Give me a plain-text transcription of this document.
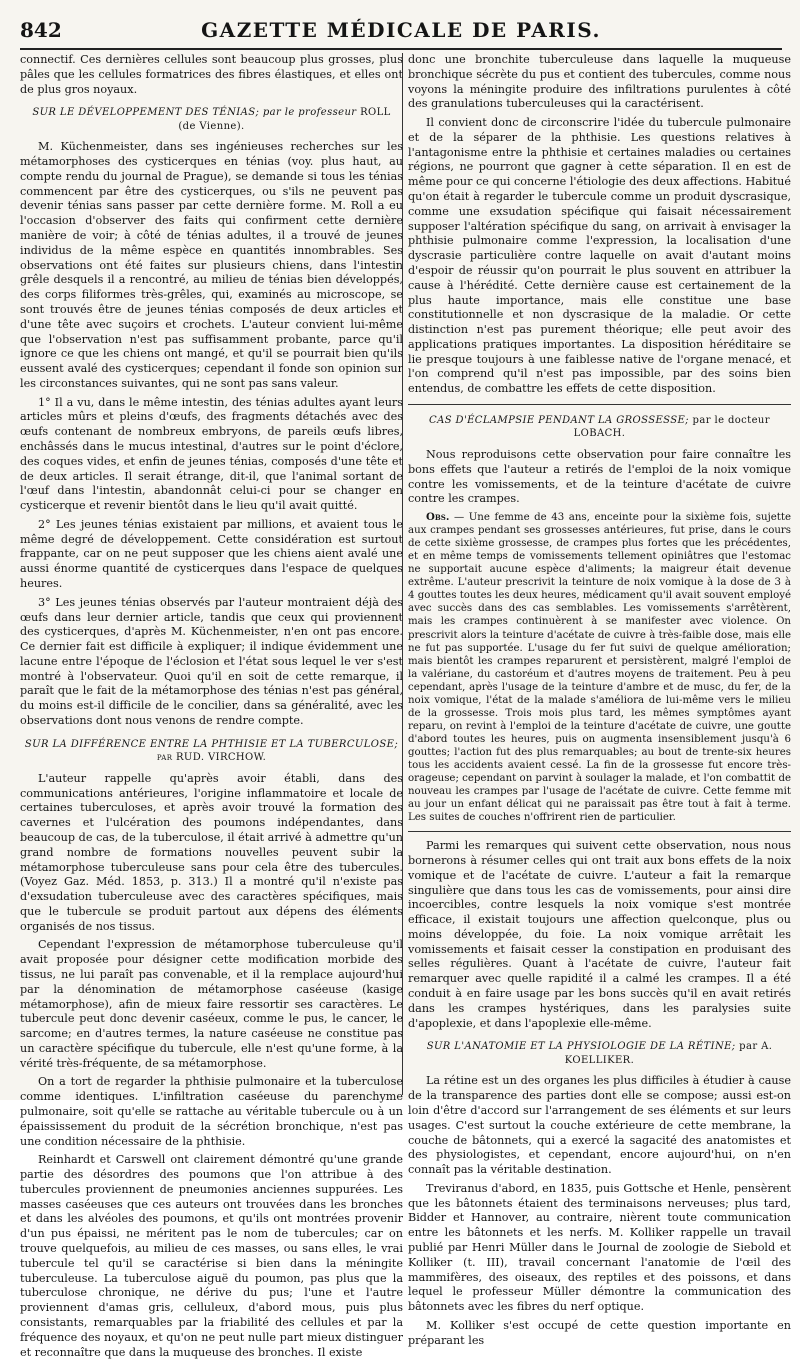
842	GAZETTE MÉDICALE DE PARIS.

connectif. Ces dernières cellules sont beaucoup plus grosses, plus pâles que les cellules formatrices des fibres élastiques, et elles ont de plus gros noyaux.

SUR LE DÉVELOPPEMENT DES TÉNIAS; par le professeur ROLL
(de Vienne).

M. Küchenmeister, dans ses ingénieuses recherches sur les métamorphoses des cysticerques en ténias (voy. plus haut, au compte rendu du journal de Prague), se demande si tous les ténias commencent par être des cysticerques, ou s'ils ne peuvent pas devenir ténias sans passer par cette dernière forme. M. Roll a eu l'occasion d'observer des faits qui confirment cette dernière manière de voir; à côté de ténias adultes, il a trouvé de jeunes individus de la même espèce en quantités innombrables. Ses observations ont été faites sur plusieurs chiens, dans l'intestin grêle desquels il a rencontré, au milieu de ténias bien développés, des corps filiformes très-grêles, qui, examinés au microscope, se sont trouvés être de jeunes ténias composés de deux articles et d'une tête avec suçoirs et crochets. L'auteur convient lui-même que l'observation n'est pas suffisamment probante, parce qu'il ignore ce que les chiens ont mangé, et qu'il se pourrait bien qu'ils eussent avalé des cysticerques; cependant il fonde son opinion sur les circonstances suivantes, qui ne sont pas sans valeur.

1° Il a vu, dans le même intestin, des ténias adultes ayant leurs articles mûrs et pleins d'œufs, des fragments détachés avec des œufs contenant de nombreux embryons, de pareils œufs libres, enchâssés dans le mucus intestinal, d'autres sur le point d'éclore, des coques vides, et enfin de jeunes ténias, composés d'une tête et de deux articles. Il serait étrange, dit-il, que l'animal sortant de l'œuf dans l'intestin, abandonnât celui-ci pour se changer en cysticerque et revenir bientôt dans le lieu qu'il avait quitté.

2° Les jeunes ténias existaient par millions, et avaient tous le même degré de développement. Cette considération est surtout frappante, car on ne peut supposer que les chiens aient avalé une aussi énorme quantité de cysticerques dans l'espace de quelques heures.

3° Les jeunes ténias observés par l'auteur montraient déjà des œufs dans leur dernier article, tandis que ceux qui proviennent des cysticerques, d'après M. Küchenmeister, n'en ont pas encore. Ce dernier fait est difficile à expliquer; il indique évidemment une lacune entre l'époque de l'éclosion et l'état sous lequel le ver s'est montré à l'observateur. Quoi qu'il en soit de cette remarque, il paraît que le fait de la métamorphose des ténias n'est pas général, du moins est-il difficile de le concilier, dans sa généralité, avec les observations dont nous venons de rendre compte.

SUR LA DIFFÉRENCE ENTRE LA PHTHISIE ET LA TUBERCULOSE;
par RUD. VIRCHOW.

L'auteur rappelle qu'après avoir établi, dans des communications antérieures, l'origine inflammatoire et locale de certaines tuberculoses, et après avoir trouvé la formation des cavernes et l'ulcération des poumons indépendantes, dans beaucoup de cas, de la tuberculose, il était arrivé à admettre qu'un grand nombre de formations nouvelles peuvent subir la métamorphose tuberculeuse sans pour cela être des tubercules. (Voyez Gaz. Méd. 1853, p. 313.) Il a montré qu'il n'existe pas d'exsudation tuberculeuse avec des caractères spécifiques, mais que le tubercule se produit partout aux dépens des éléments organisés de nos tissus.

Cependant l'expression de métamorphose tuberculeuse qu'il avait proposée pour désigner cette modification morbide des tissus, ne lui paraît pas convenable, et il la remplace aujourd'hui par la dénomination de métamorphose caséeuse (kasige métamorphose), afin de mieux faire ressortir ses caractères. Le tubercule peut donc devenir caséeux, comme le pus, le cancer, le sarcome; en d'autres termes, la nature caséeuse ne constitue pas un caractère spécifique du tubercule, elle n'est qu'une forme, à la vérité très-fréquente, de sa métamorphose.

On a tort de regarder la phthisie pulmonaire et la tuberculose comme identiques. L'infiltration caséeuse du parenchyme pulmonaire, soit qu'elle se rattache au véritable tubercule ou à un épaississement du produit de la sécrétion bronchique, n'est pas une condition nécessaire de la phthisie.

Reinhardt et Carswell ont clairement démontré qu'une grande partie des désordres des poumons que l'on attribue à des tubercules proviennent de pneumonies anciennes suppurées. Les masses caséeuses que ces auteurs ont trouvées dans les bronches et dans les alvéoles des poumons, et qu'ils ont montrées provenir d'un pus épaissi, ne méritent pas le nom de tubercules; car on trouve quelquefois, au milieu de ces masses, ou sans elles, le vrai tubercule tel qu'il se caractérise si bien dans la méningite tuberculeuse. La tuberculose aiguë du poumon, pas plus que la tuberculose chronique, ne dérive du pus; l'une et l'autre proviennent d'amas gris, celluleux, d'abord mous, puis plus consistants, remarquables par la friabilité des cellules et par la fréquence des noyaux, et qu'on ne peut nulle part mieux distinguer et reconnaître que dans la muqueuse des bronches. Il existe

donc une bronchite tuberculeuse dans laquelle la muqueuse bronchique sécrète du pus et contient des tubercules, comme nous voyons la méningite produire des infiltrations purulentes à côté des granulations tuberculeuses qui la caractérisent.

Il convient donc de circonscrire l'idée du tubercule pulmonaire et de la séparer de la phthisie. Les questions relatives à l'antagonisme entre la phthisie et certaines maladies ou certaines régions, ne pourront que gagner à cette séparation. Il en est de même pour ce qui concerne l'étiologie des deux affections. Habitué qu'on était à regarder le tubercule comme un produit dyscrasique, comme une exsudation spécifique qui faisait nécessairement supposer l'altération spécifique du sang, on arrivait à envisager la phthisie pulmonaire comme l'expression, la localisation d'une dyscrasie particulière contre laquelle on avait d'autant moins d'espoir de réussir qu'on pourrait le plus souvent en attribuer la cause à l'hérédité. Cette dernière cause est certainement de la plus haute importance, mais elle constitue une base constitutionnelle et non dyscrasique de la maladie. Or cette distinction n'est pas purement théorique; elle peut avoir des applications pratiques importantes. La disposition héréditaire se lie presque toujours à une faiblesse native de l'organe menacé, et l'on comprend qu'il n'est pas impossible, par des soins bien entendus, de combattre les effets de cette disposition.

CAS D'ÉCLAMPSIE PENDANT LA GROSSESSE; par le docteur LOBACH.

Nous reproduisons cette observation pour faire connaître les bons effets que l'auteur a retirés de l'emploi de la noix vomique contre les vomissements, et de la teinture d'acétate de cuivre contre les crampes.

Obs. — Une femme de 43 ans, enceinte pour la sixième fois, sujette aux crampes pendant ses grossesses antérieures, fut prise, dans le cours de cette sixième grossesse, de crampes plus fortes que les précédentes, et en même temps de vomissements tellement opiniâtres que l'estomac ne supportait aucune espèce d'aliments; la maigreur était devenue extrême. L'auteur prescrivit la teinture de noix vomique à la dose de 3 à 4 gouttes toutes les deux heures, médicament qu'il avait souvent employé avec succès dans des cas semblables. Les vomissements s'arrêtèrent, mais les crampes continuèrent à se manifester avec violence. On prescrivit alors la teinture d'acétate de cuivre à très-faible dose, mais elle ne fut pas supportée. L'usage du fer fut suivi de quelque amélioration; mais bientôt les crampes reparurent et persistèrent, malgré l'emploi de la valériane, du castoréum et d'autres moyens de traitement. Peu à peu cependant, après l'usage de la teinture d'ambre et de musc, du fer, de la noix vomique, l'état de la malade s'améliora de lui-même vers le milieu de la grossesse. Trois mois plus tard, les mêmes symptômes ayant reparu, on revint à l'emploi de la teinture d'acétate de cuivre, une goutte d'abord toutes les heures, puis on augmenta insensiblement jusqu'à 6 gouttes; l'action fut des plus remarquables; au bout de trente-six heures tous les accidents avaient cessé. La fin de la grossesse fut encore très-orageuse; cependant on parvint à soulager la malade, et l'on combattit de nouveau les crampes par l'usage de l'acétate de cuivre. Cette femme mit au jour un enfant délicat qui ne paraissait pas être tout à fait à terme. Les suites de couches n'offrirent rien de particulier.

Parmi les remarques qui suivent cette observation, nous nous bornerons à résumer celles qui ont trait aux bons effets de la noix vomique et de l'acétate de cuivre. L'auteur a fait la remarque singulière que dans tous les cas de vomissements, pour ainsi dire incoercibles, contre lesquels la noix vomique s'est montrée efficace, il existait toujours une affection quelconque, plus ou moins développée, du foie. La noix vomique arrêtait les vomissements et faisait cesser la constipation en produisant des selles régulières. Quant à l'acétate de cuivre, l'auteur fait remarquer avec quelle rapidité il a calmé les crampes. Il a été conduit à en faire usage par les bons succès qu'il en avait retirés dans les crampes hystériques, dans les paralysies suite d'apoplexie, et dans l'apoplexie elle-même.

SUR L'ANATOMIE ET LA PHYSIOLOGIE DE LA RÉTINE; par A. KOELLIKER.

La rétine est un des organes les plus difficiles à étudier à cause de la transparence des parties dont elle se compose; aussi est-on loin d'être d'accord sur l'arrangement de ses éléments et sur leurs usages. C'est surtout la couche extérieure de cette membrane, la couche de bâtonnets, qui a exercé la sagacité des anatomistes et des physiologistes, et cependant, encore aujourd'hui, on n'en connaît pas la véritable destination.

Treviranus d'abord, en 1835, puis Gottsche et Henle, pensèrent que les bâtonnets étaient des terminaisons nerveuses; plus tard, Bidder et Hannover, au contraire, nièrent toute communication entre les bâtonnets et les nerfs. M. Kolliker rappelle un travail publié par Henri Müller dans le Journal de zoologie de Siebold et Kolliker (t. III), travail concernant l'anatomie de l'œil des mammifères, des oiseaux, des reptiles et des poissons, et dans lequel le professeur Müller démontre la communication des bâtonnets avec les fibres du nerf optique.

M. Kolliker s'est occupé de cette question importante en préparant les
